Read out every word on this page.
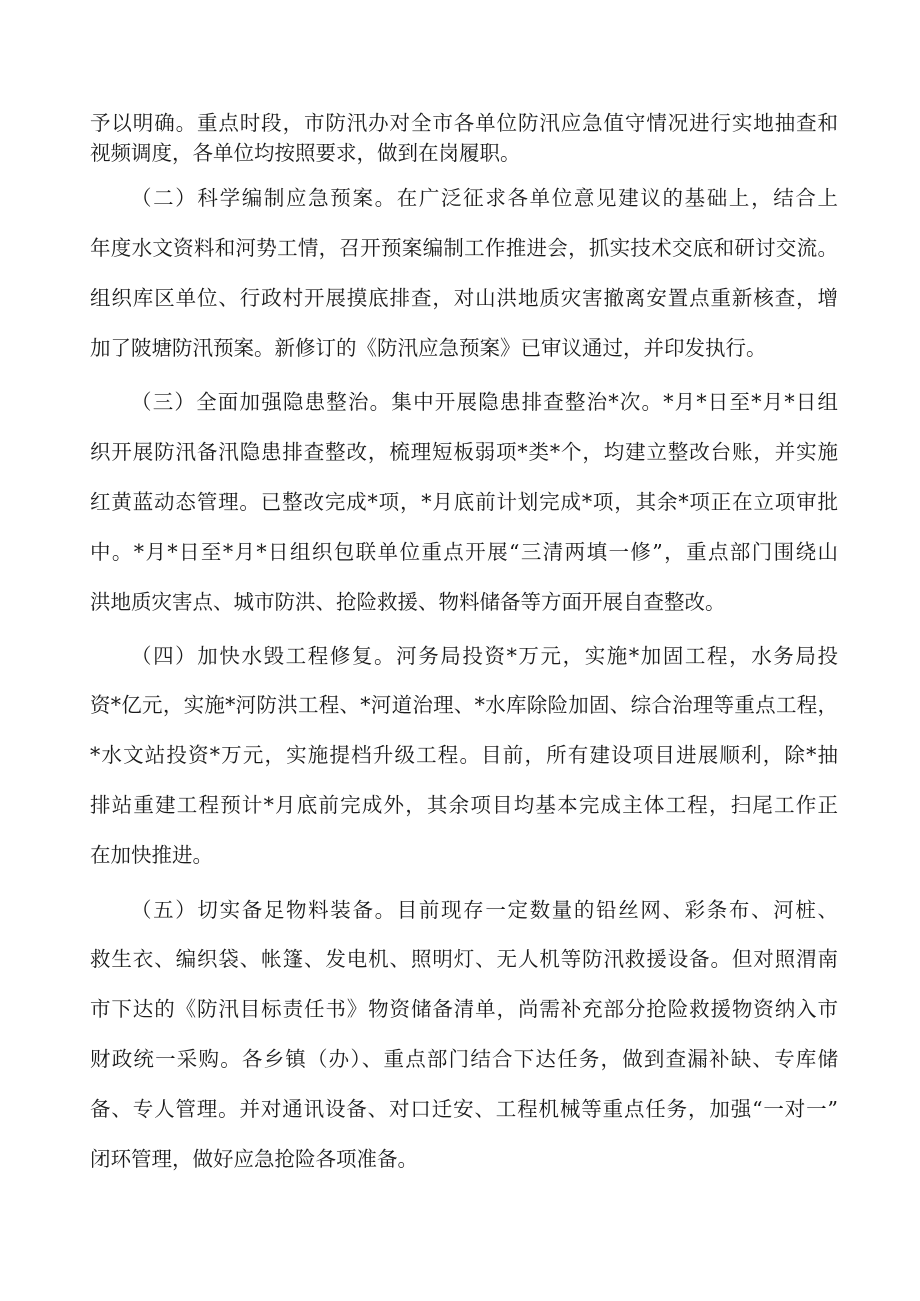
予以明确。重点时段，市防汛办对全市各单位防汛应急值守情况进行实地抽查和
视频调度，各单位均按照要求，做到在岗履职。
（二）科学编制应急预案。在广泛征求各单位意见建议的基础上，结合上
年度水文资料和河势工情，召开预案编制工作推进会，抓实技术交底和研讨交流。
组织库区单位、行政村开展摸底排查，对山洪地质灾害撤离安置点重新核查，增
加了陂塘防汛预案。新修订的《防汛应急预案》已审议通过，并印发执行。
（三）全面加强隐患整治。集中开展隐患排查整治*次。*月*日至*月*日组
织开展防汛备汛隐患排查整改，梳理短板弱项*类*个，均建立整改台账，并实施
红黄蓝动态管理。已整改完成*项，*月底前计划完成*项，其余*项正在立项审批
中。*月*日至*月*日组织包联单位重点开展“三清两填一修”，重点部门围绕山
洪地质灾害点、城市防洪、抢险救援、物料储备等方面开展自查整改。
（四）加快水毁工程修复。河务局投资*万元，实施*加固工程，水务局投
资*亿元，实施*河防洪工程、*河道治理、*水库除险加固、综合治理等重点工程，
*水文站投资*万元，实施提档升级工程。目前，所有建设项目进展顺利，除*抽
排站重建工程预计*月底前完成外，其余项目均基本完成主体工程，扫尾工作正
在加快推进。
（五）切实备足物料装备。目前现存一定数量的铅丝网、彩条布、河桩、
救生衣、编织袋、帐篷、发电机、照明灯、无人机等防汛救援设备。但对照渭南
市下达的《防汛目标责任书》物资储备清单，尚需补充部分抢险救援物资纳入市
财政统一采购。各乡镇（办）、重点部门结合下达任务，做到查漏补缺、专库储
备、专人管理。并对通讯设备、对口迁安、工程机械等重点任务，加强“一对一”
闭环管理，做好应急抢险各项准备。
